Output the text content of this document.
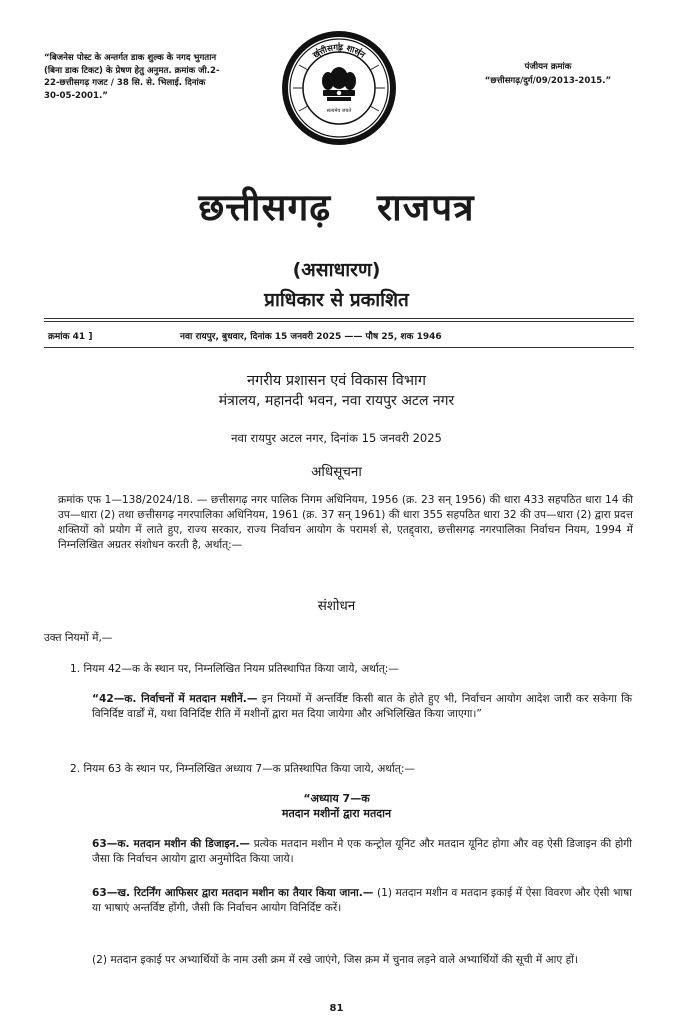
“बिजनेस पोस्ट के अन्तर्गत डाक शुल्क के नगद भुगतान (बिना डाक टिकट) के प्रेषण हेतु अनुमत. क्रमांक जी.2-22-छत्तीसगढ़ गजट / 38 सि. से. भिलाई. दिनांक 30-05-2001.”
पंजीयन क्रमांक
“छत्तीसगढ़/दुर्ग/09/2013-2015.”
सत्यमेव जयते
छत्तीसगढ़ शासन
छत्तीसगढ़ राजपत्र
(असाधारण)
प्राधिकार से प्रकाशित
क्रमांक 41 ]	नवा रायपुर, बुधवार, दिनांक 15 जनवरी 2025 —— पौष 25, शक 1946
नगरीय प्रशासन एवं विकास विभाग
मंत्रालय, महानदी भवन, नवा रायपुर अटल नगर
नवा रायपुर अटल नगर, दिनांक 15 जनवरी 2025
अधिसूचना
क्रमांक एफ 1—138/2024/18. — छत्तीसगढ़ नगर पालिक निगम अधिनियम, 1956 (क्र. 23 सन् 1956) की धारा 433 सहपठित धारा 14 की उप—धारा (2) तथा छत्तीसगढ़ नगरपालिका अधिनियम, 1961 (क्र. 37 सन् 1961) की धारा 355 सहपठित धारा 32 की उप—धारा (2) द्वारा प्रदत्त शक्तियों को प्रयोग में लाते हुए, राज्य सरकार, राज्य निर्वाचन आयोग के परामर्श से, एतद्द्वारा, छत्तीसगढ़ नगरपालिका निर्वाचन नियम, 1994 में निम्नलिखित अग्रतर संशोधन करती है, अर्थात्:—
संशोधन
उक्त नियमों में,—
1. नियम 42—क के स्थान पर, निम्नलिखित नियम प्रतिस्थापित किया जाये, अर्थात्:—
“42—क. निर्वाचनों में मतदान मशीनें.— इन नियमों में अन्तर्विष्ट किसी बात के होते हुए भी, निर्वाचन आयोग आदेश जारी कर सकेगा कि विनिर्दिष्ट वार्डों में, यथा विनिर्दिष्ट रीति में मशीनों द्वारा मत दिया जायेगा और अभिलिखित किया जाएगा।”
2. नियम 63 के स्थान पर, निम्नलिखित अध्याय 7—क प्रतिस्थापित किया जाये, अर्थात्:—
“अध्याय 7—क
मतदान मशीनों द्वारा मतदान
63—क. मतदान मशीन की डिजाइन.— प्रत्येक मतदान मशीन मे एक कन्ट्रोल यूनिट और मतदान यूनिट होगा और वह ऐसी डिजाइन की होगी जैसा कि निर्वाचन आयोग द्वारा अनुमोदित किया जाये।
63—ख. रिटर्निंग आफिसर द्वारा मतदान मशीन का तैयार किया जाना.— (1) मतदान मशीन व मतदान इकाई में ऐसा विवरण और ऐसी भाषा या भाषाएं अन्तर्विष्ट होंगी, जैसी कि निर्वाचन आयोग विनिर्दिष्ट करें।
(2) मतदान इकाई पर अभ्यार्थियों के नाम उसी क्रम में रखे जाएंगे, जिस क्रम में चुनाव लड़ने वाले अभ्यार्थियों की सूची में आए हों।
81
